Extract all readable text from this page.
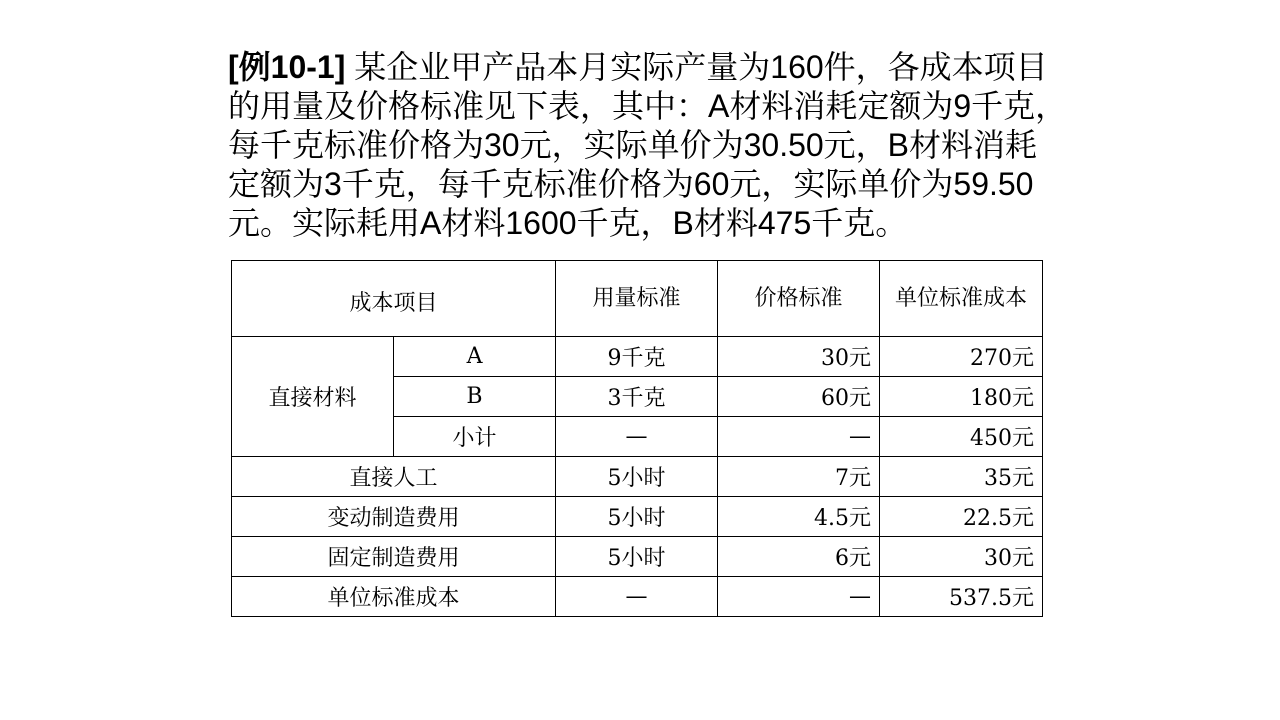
[例10-1] 某企业甲产品本月实际产量为160件，各成本项目的用量及价格标准见下表，其中：A材料消耗定额为9千克，每千克标准价格为30元，实际单价为30.50元，B材料消耗定额为3千克，每千克标准价格为60元，实际单价为59.50元。实际耗用A材料1600千克，B材料475千克。
成本项目		用量标准	价格标准	单位标准成本
直接材料	A	9千克	30元	270元
	B	3千克	60元	180元
	小计	—	—	450元
直接人工		5小时	7元	35元
变动制造费用		5小时	4.5元	22.5元
固定制造费用		5小时	6元	30元
单位标准成本		—	—	537.5元
